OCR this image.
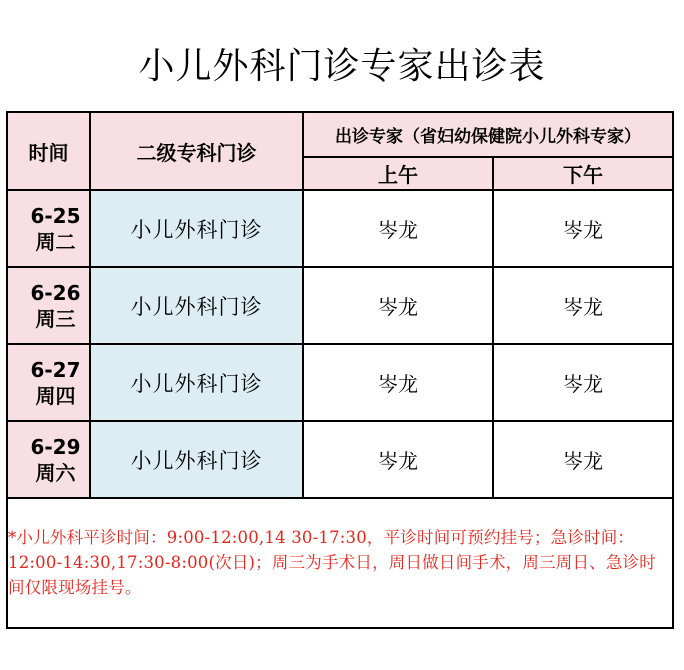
小儿外科门诊专家出诊表
时间	二级专科门诊	出诊专家（省妇幼保健院小儿外科专家）	
		上午	下午

6-25
周二	小儿外科门诊	岑龙	岑龙

6-26
周三	小儿外科门诊	岑龙	岑龙

6-27
周四	小儿外科门诊	岑龙	岑龙

6-29
周六	小儿外科门诊	岑龙	岑龙
*小儿外科平诊时间：9:00-12:00,14 30-17:30，平诊时间可预约挂号；急诊时间：12:00-14:30,17:30-8:00(次日)；周三为手术日，周日做日间手术，周三周日、急诊时间仅限现场挂号。
